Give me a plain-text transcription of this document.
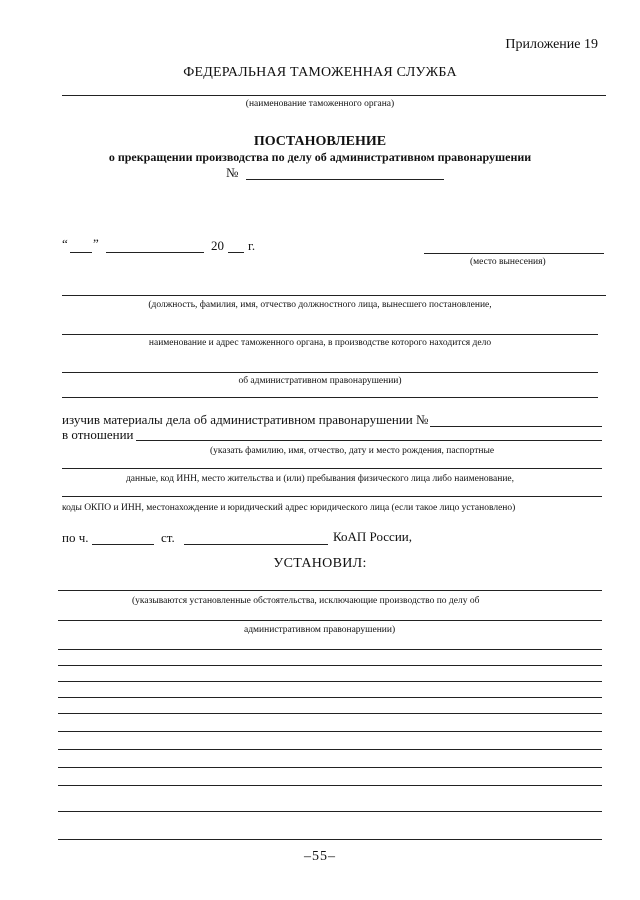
Приложение 19
ФЕДЕРАЛЬНАЯ ТАМОЖЕННАЯ СЛУЖБА
(наименование таможенного органа)
ПОСТАНОВЛЕНИЕ
о прекращении производства по делу об административном правонарушении
№
“ ”	20 г.
(место вынесения)
(должность, фамилия, имя, отчество должностного лица, вынесшего постановление,
наименование и адрес таможенного органа, в производстве которого находится дело
об административном правонарушении)
изучив материалы дела об административном правонарушении №
в отношении
(указать фамилию, имя, отчество, дату и место рождения, паспортные
данные, код ИНН, место жительства и (или) пребывания физического лица либо наименование,
коды ОКПО и ИНН, местонахождение и юридический адрес юридического лица (если такое лицо установлено)
по ч.	ст.	КоАП России,
УСТАНОВИЛ:
(указываются установленные обстоятельства, исключающие производство по делу об
административном правонарушении)
–55–
